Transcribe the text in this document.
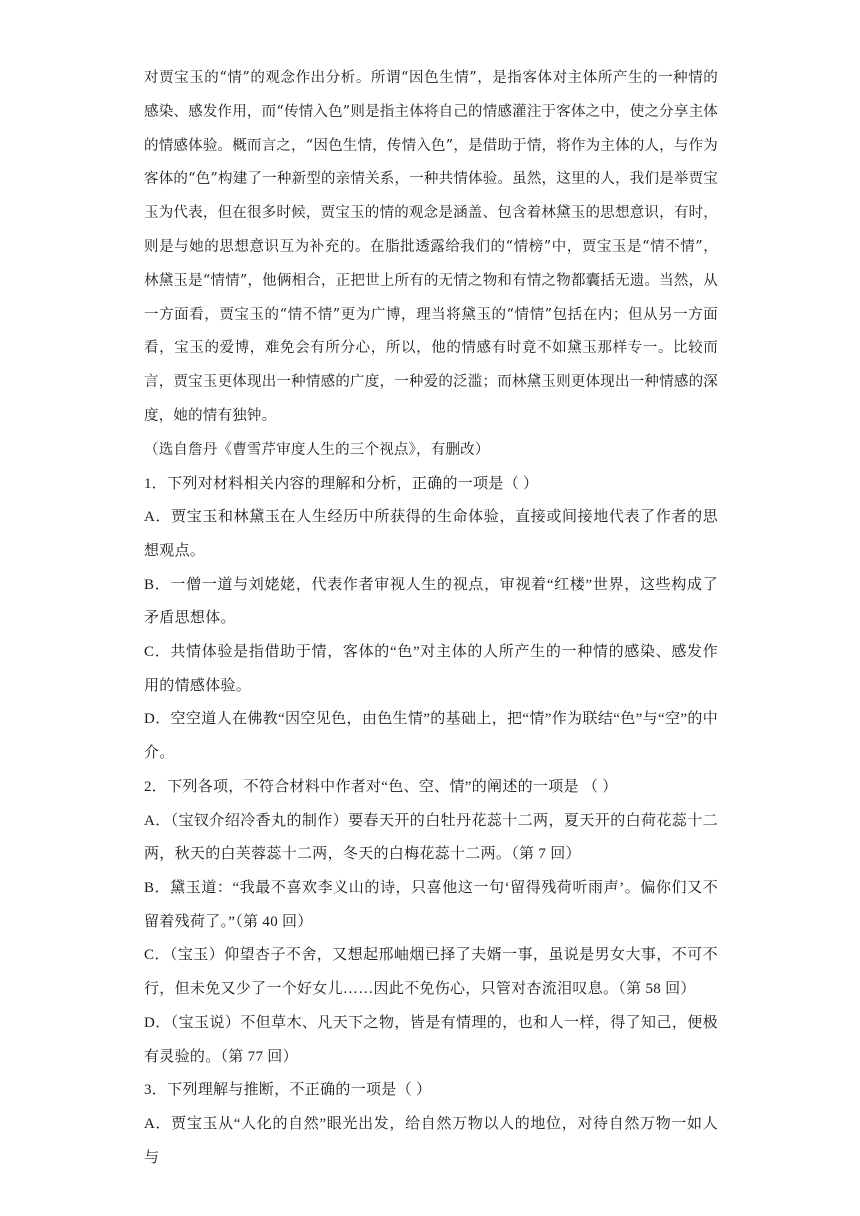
对贾宝玉的“情”的观念作出分析。所谓“因色生情”，是指客体对主体所产生的一种情的感染、感发作用，而“传情入色”则是指主体将自己的情感灌注于客体之中，使之分享主体的情感体验。概而言之，“因色生情，传情入色”，是借助于情，将作为主体的人，与作为客体的“色”构建了一种新型的亲情关系，一种共情体验。虽然，这里的人，我们是举贾宝玉为代表，但在很多时候，贾宝玉的情的观念是涵盖、包含着林黛玉的思想意识，有时，则是与她的思想意识互为补充的。在脂批透露给我们的“情榜”中，贾宝玉是“情不情”，林黛玉是“情情”，他俩相合，正把世上所有的无情之物和有情之物都囊括无遗。当然，从一方面看，贾宝玉的“情不情”更为广博，理当将黛玉的“情情”包括在内；但从另一方面看，宝玉的爱博，难免会有所分心，所以，他的情感有时竟不如黛玉那样专一。比较而言，贾宝玉更体现出一种情感的广度，一种爱的泛滥；而林黛玉则更体现出一种情感的深度，她的情有独钟。

（选自詹丹《曹雪芹审度人生的三个视点》，有删改）

1．下列对材料相关内容的理解和分析，正确的一项是（ ）

A．贾宝玉和林黛玉在人生经历中所获得的生命体验，直接或间接地代表了作者的思想观点。

B．一僧一道与刘姥姥，代表作者审视人生的视点，审视着“红楼”世界，这些构成了矛盾思想体。

C．共情体验是指借助于情，客体的“色”对主体的人所产生的一种情的感染、感发作用的情感体验。

D．空空道人在佛教“因空见色，由色生情”的基础上，把“情”作为联结“色”与“空”的中介。

2．下列各项，不符合材料中作者对“色、空、情”的阐述的一项是 （ ）

A．（宝钗介绍冷香丸的制作）要春天开的白牡丹花蕊十二两，夏天开的白荷花蕊十二两，秋天的白芙蓉蕊十二两，冬天的白梅花蕊十二两。（第 7 回）

B．黛玉道：“我最不喜欢李义山的诗，只喜他这一句‘留得残荷听雨声’。偏你们又不留着残荷了。”（第 40 回）

C．（宝玉）仰望杏子不舍，又想起邢岫烟已择了夫婿一事，虽说是男女大事，不可不行，但未免又少了一个好女儿……因此不免伤心，只管对杏流泪叹息。（第 58 回）

D．（宝玉说）不但草木、凡天下之物，皆是有情理的，也和人一样，得了知己，便极有灵验的。（第 77 回）

3．下列理解与推断，不正确的一项是（ ）

A．贾宝玉从“人化的自然”眼光出发，给自然万物以人的地位，对待自然万物一如人与
